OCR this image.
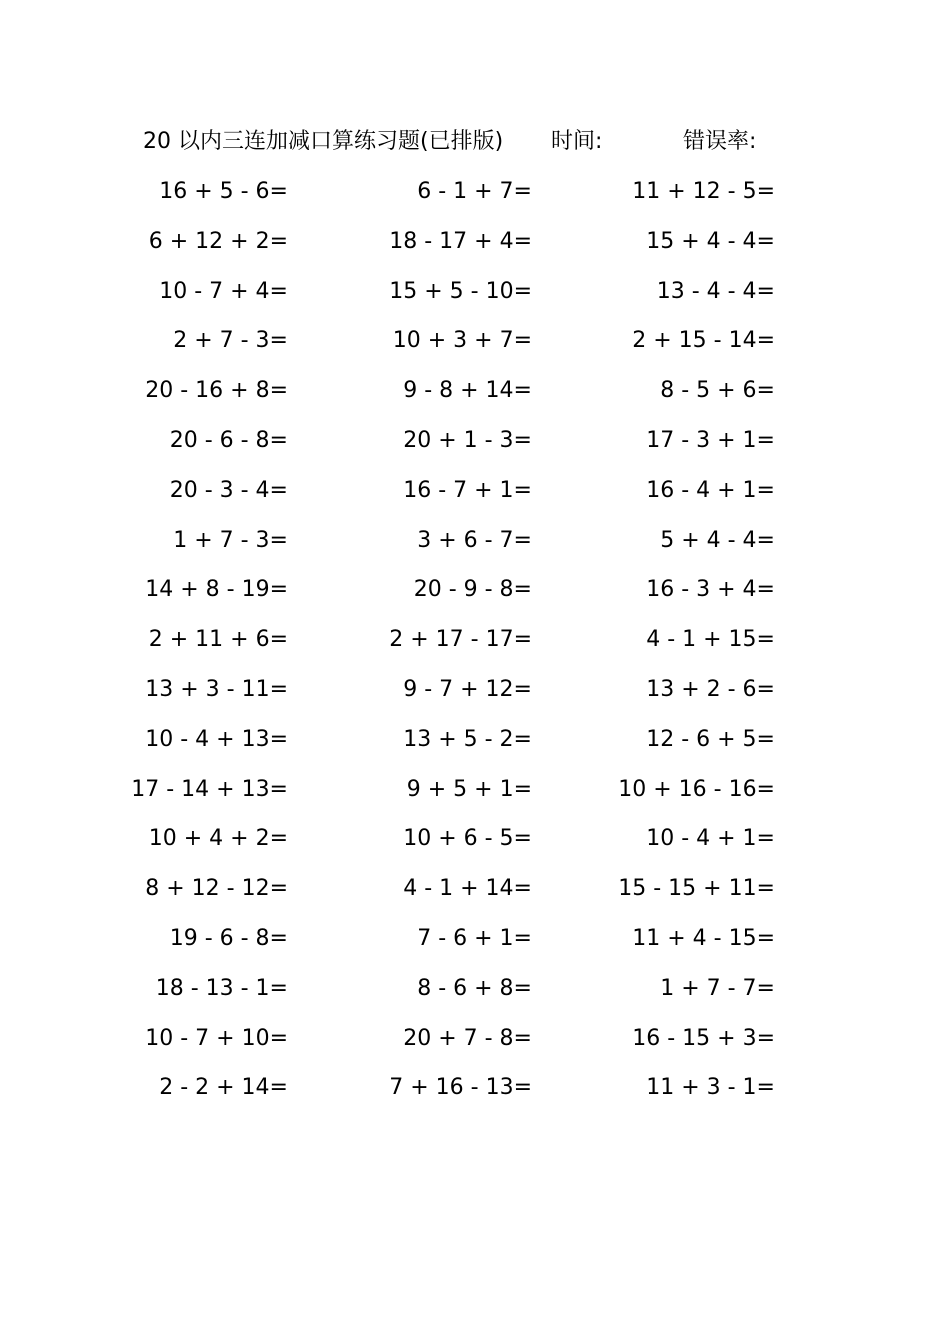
20 以内三连加减口算练习题(已排版) 时间:	错误率:
16 + 5 - 6=	6 - 1 + 7=	11 + 12 - 5=
6 + 12 + 2=	18 - 17 + 4=	15 + 4 - 4=
10 - 7 + 4=	15 + 5 - 10=	13 - 4 - 4=
2 + 7 - 3=	10 + 3 + 7=	2 + 15 - 14=
20 - 16 + 8=	9 - 8 + 14=	8 - 5 + 6=
20 - 6 - 8=	20 + 1 - 3=	17 - 3 + 1=
20 - 3 - 4=	16 - 7 + 1=	16 - 4 + 1=
1 + 7 - 3=	3 + 6 - 7=	5 + 4 - 4=
14 + 8 - 19=	20 - 9 - 8=	16 - 3 + 4=
2 + 11 + 6=	2 + 17 - 17=	4 - 1 + 15=
13 + 3 - 11=	9 - 7 + 12=	13 + 2 - 6=
10 - 4 + 13=	13 + 5 - 2=	12 - 6 + 5=
17 - 14 + 13=	9 + 5 + 1=	10 + 16 - 16=
10 + 4 + 2=	10 + 6 - 5=	10 - 4 + 1=
8 + 12 - 12=	4 - 1 + 14=	15 - 15 + 11=
19 - 6 - 8=	7 - 6 + 1=	11 + 4 - 15=
18 - 13 - 1=	8 - 6 + 8=	1 + 7 - 7=
10 - 7 + 10=	20 + 7 - 8=	16 - 15 + 3=
2 - 2 + 14=	7 + 16 - 13=	11 + 3 - 1=
